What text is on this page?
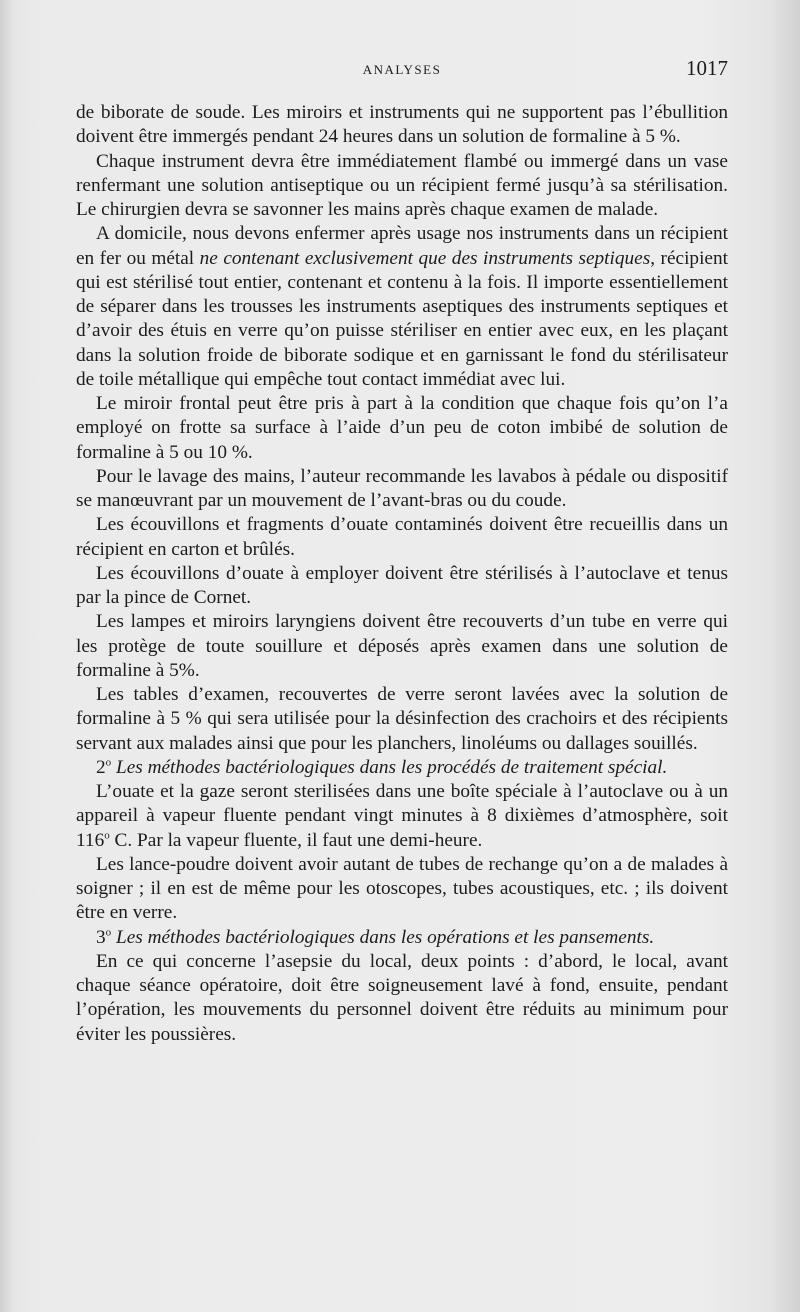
ANALYSES	1017

de biborate de soude. Les miroirs et instruments qui ne supportent pas l’ébullition doivent être immergés pendant 24 heures dans un solution de formaline à 5 %.

Chaque instrument devra être immédiatement flambé ou immergé dans un vase renfermant une solution antiseptique ou un récipient fermé jusqu’à sa stérilisation. Le chirurgien devra se savonner les mains après chaque examen de malade.

A domicile, nous devons enfermer après usage nos instruments dans un récipient en fer ou métal ne contenant exclusivement que des instruments septiques, récipient qui est stérilisé tout entier, contenant et contenu à la fois. Il importe essentiellement de séparer dans les trousses les instruments aseptiques des instruments septiques et d’avoir des étuis en verre qu’on puisse stériliser en entier avec eux, en les plaçant dans la solution froide de biborate sodique et en garnissant le fond du stérilisateur de toile métallique qui empêche tout contact immédiat avec lui.

Le miroir frontal peut être pris à part à la condition que chaque fois qu’on l’a employé on frotte sa surface à l’aide d’un peu de coton imbibé de solution de formaline à 5 ou 10 %.

Pour le lavage des mains, l’auteur recommande les lavabos à pédale ou dispositif se manœuvrant par un mouvement de l’avant-bras ou du coude.

Les écouvillons et fragments d’ouate contaminés doivent être recueillis dans un récipient en carton et brûlés.

Les écouvillons d’ouate à employer doivent être stérilisés à l’autoclave et tenus par la pince de Cornet.

Les lampes et miroirs laryngiens doivent être recouverts d’un tube en verre qui les protège de toute souillure et déposés après examen dans une solution de formaline à 5%.

Les tables d’examen, recouvertes de verre seront lavées avec la solution de formaline à 5 % qui sera utilisée pour la désinfection des crachoirs et des récipients servant aux malades ainsi que pour les planchers, linoléums ou dallages souillés.

2$^o$ Les méthodes bactériologiques dans les procédés de traitement spécial.

L’ouate et la gaze seront sterilisées dans une boîte spéciale à l’autoclave ou à un appareil à vapeur fluente pendant vingt minutes à 8 dixièmes d’atmosphère, soit 116$^o$ C. Par la vapeur fluente, il faut une demi-heure.

Les lance-poudre doivent avoir autant de tubes de rechange qu’on a de malades à soigner ; il en est de même pour les otoscopes, tubes acoustiques, etc. ; ils doivent être en verre.

3$^o$ Les méthodes bactériologiques dans les opérations et les pansements.

En ce qui concerne l’asepsie du local, deux points : d’abord, le local, avant chaque séance opératoire, doit être soigneusement lavé à fond, ensuite, pendant l’opération, les mouvements du personnel doivent être réduits au minimum pour éviter les poussières.
